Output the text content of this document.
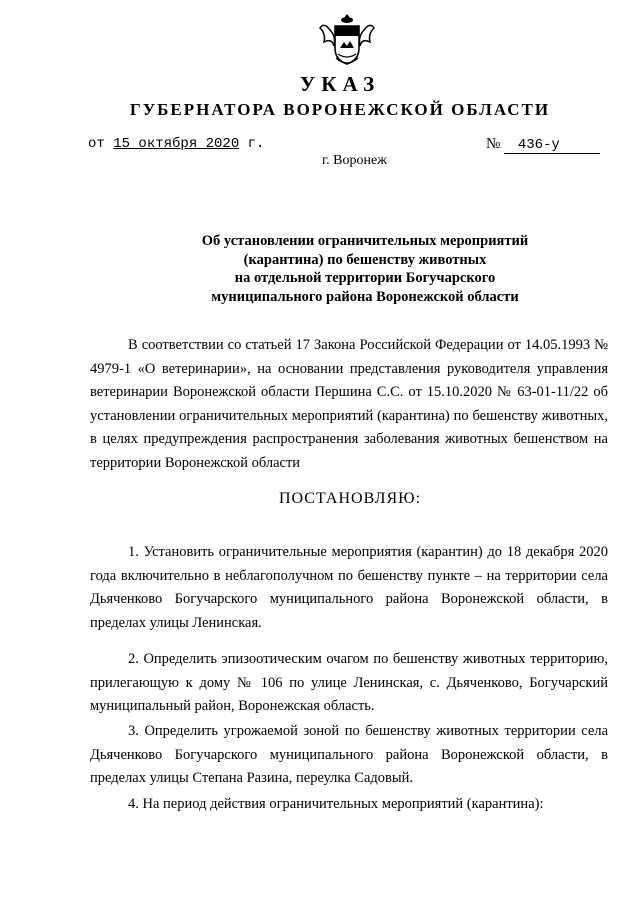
УКАЗ
ГУБЕРНАТОРА ВОРОНЕЖСКОЙ ОБЛАСТИ
от 15 октября 2020 г.	№ 436-у
г. Воронеж
Об установлении ограничительных мероприятий
(карантина) по бешенству животных
на отдельной территории Богучарского
муниципального района Воронежской области

В соответствии со статьей 17 Закона Российской Федерации от 14.05.1993 № 4979-1 «О ветеринарии», на основании представления руководителя управления ветеринарии Воронежской области Першина С.С. от 15.10.2020 № 63-01-11/22 об установлении ограничительных мероприятий (карантина) по бешенству животных, в целях предупреждения распространения заболевания животных бешенством на территории Воронежской области

ПОСТАНОВЛЯЮ:

1. Установить ограничительные мероприятия (карантин) до 18 декабря 2020 года включительно в неблагополучном по бешенству пункте – на территории села Дьяченково Богучарского муниципального района Воронежской области, в пределах улицы Ленинская.

2. Определить эпизоотическим очагом по бешенству животных территорию, прилегающую к дому № 106 по улице Ленинская, с. Дьяченково, Богучарский муниципальный район, Воронежская область.

3. Определить угрожаемой зоной по бешенству животных территории села Дьяченково Богучарского муниципального района Воронежской области, в пределах улицы Степана Разина, переулка Садовый.

4. На период действия ограничительных мероприятий (карантина):
